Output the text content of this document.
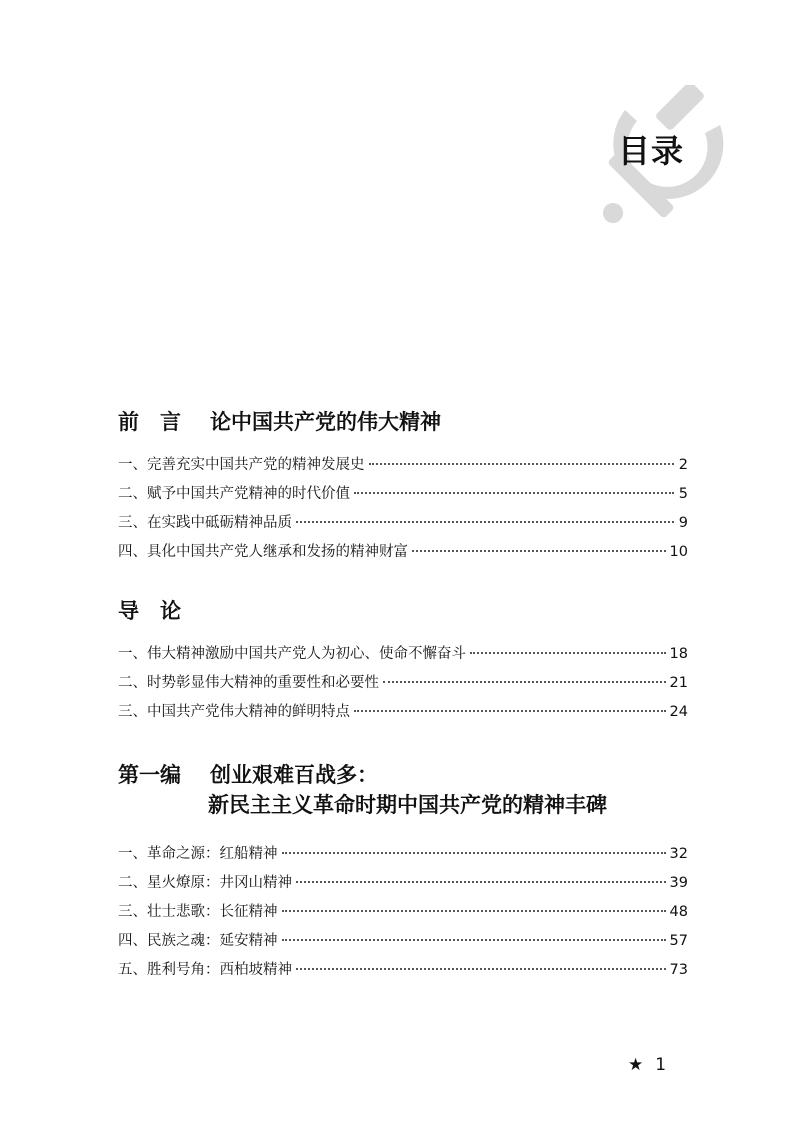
目录
前　言	论中国共产党的伟大精神
一、 完善充实中国共产党的精神发展史	2
二、 赋予中国共产党精神的时代价值	5
三、 在实践中砥砺精神品质	9
四、 具化中国共产党人继承和发扬的精神财富	10
导　论
一、 伟大精神激励中国共产党人为初心、使命不懈奋斗	18
二、 时势彰显伟大精神的重要性和必要性	21
三、 中国共产党伟大精神的鲜明特点	24
第一编	创业艰难百战多：
新民主主义革命时期中国共产党的精神丰碑
一、 革命之源：红船精神	32
二、 星火燎原：井冈山精神	39
三、 壮士悲歌：长征精神	48
四、 民族之魂：延安精神	57
五、 胜利号角：西柏坡精神	73
★ 1
